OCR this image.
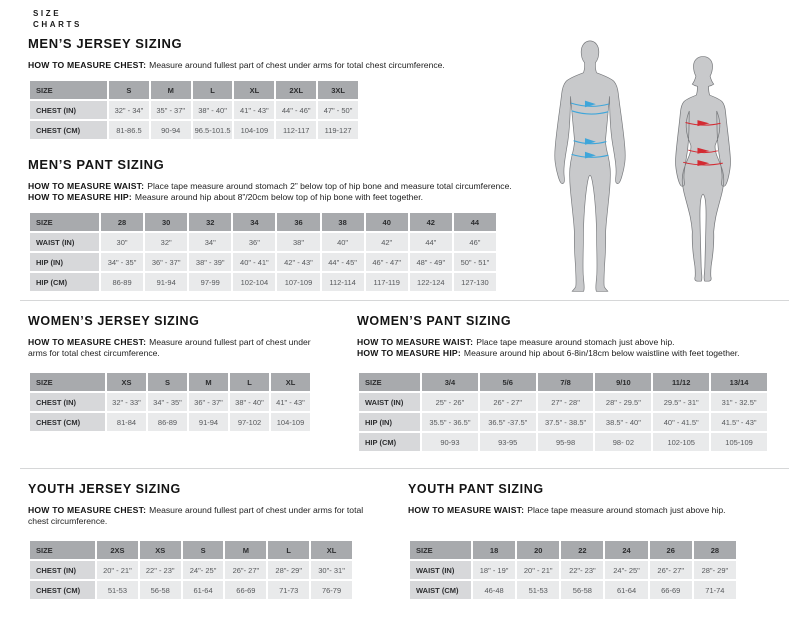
SIZE
CHARTS
MEN’S JERSEY SIZING

HOW TO MEASURE CHEST: Measure around fullest part of chest under arms for total chest circumference.

SIZE	S	M	L	XL	2XL	3XL
CHEST (IN)	32" - 34"	35" - 37"	38" - 40"	41" - 43"	44" - 46"	47" - 50"
CHEST (CM)	81-86.5	90-94	96.5-101.5	104-109	112-117	119-127
MEN’S PANT SIZING

HOW TO MEASURE WAIST: Place tape measure around stomach 2” below top of hip bone and measure total circumference.

HOW TO MEASURE HIP: Measure around hip about 8”/20cm below top of hip bone with feet together.

SIZE	28	30	32	34	36	38	40	42	44
WAIST (IN)	30"	32"	34"	36"	38"	40"	42"	44"	46"
HIP (IN)	34" - 35"	36" - 37"	38" - 39"	40" - 41"	42" - 43"	44" - 45"	46" - 47"	48" - 49"	50" - 51"
HIP (CM)	86-89	91-94	97-99	102-104	107-109	112-114	117-119	122-124	127-130
WOMEN’S JERSEY SIZING

HOW TO MEASURE CHEST: Measure around fullest part of chest under arms for total chest circumference.

SIZE	XS	S	M	L	XL
CHEST (IN)	32" - 33"	34" - 35"	36" - 37"	38" - 40"	41" - 43"
CHEST (CM)	81-84	86-89	91-94	97-102	104-109
WOMEN’S PANT SIZING

HOW TO MEASURE WAIST: Place tape measure around stomach just above hip.

HOW TO MEASURE HIP: Measure around hip about 6-8in/18cm below waistline with feet together.

SIZE	3/4	5/6	7/8	9/10	11/12	13/14
WAIST (IN)	25" - 26"	26" - 27"	27" - 28"	28" - 29.5"	29.5" - 31"	31" - 32.5"
HIP (IN)	35.5" - 36.5"	36.5" -37.5"	37.5" - 38.5"	38.5" - 40"	40" - 41.5"	41.5" - 43"
HIP (CM)	90-93	93-95	95-98	98- 02	102-105	105-109
YOUTH JERSEY SIZING

HOW TO MEASURE CHEST: Measure around fullest part of chest under arms for total chest circumference.

SIZE	2XS	XS	S	M	L	XL
CHEST (IN)	20" - 21"	22" - 23"	24"- 25"	26"- 27"	28"- 29"	30"- 31"
CHEST (CM)	51-53	56-58	61-64	66-69	71-73	76-79
YOUTH PANT SIZING

HOW TO MEASURE WAIST: Place tape measure around stomach just above hip.

SIZE	18	20	22	24	26	28
WAIST (IN)	18" - 19"	20" - 21"	22"- 23"	24"- 25"	26"- 27"	28"- 29"
WAIST (CM)	46-48	51-53	56-58	61-64	66-69	71-74
